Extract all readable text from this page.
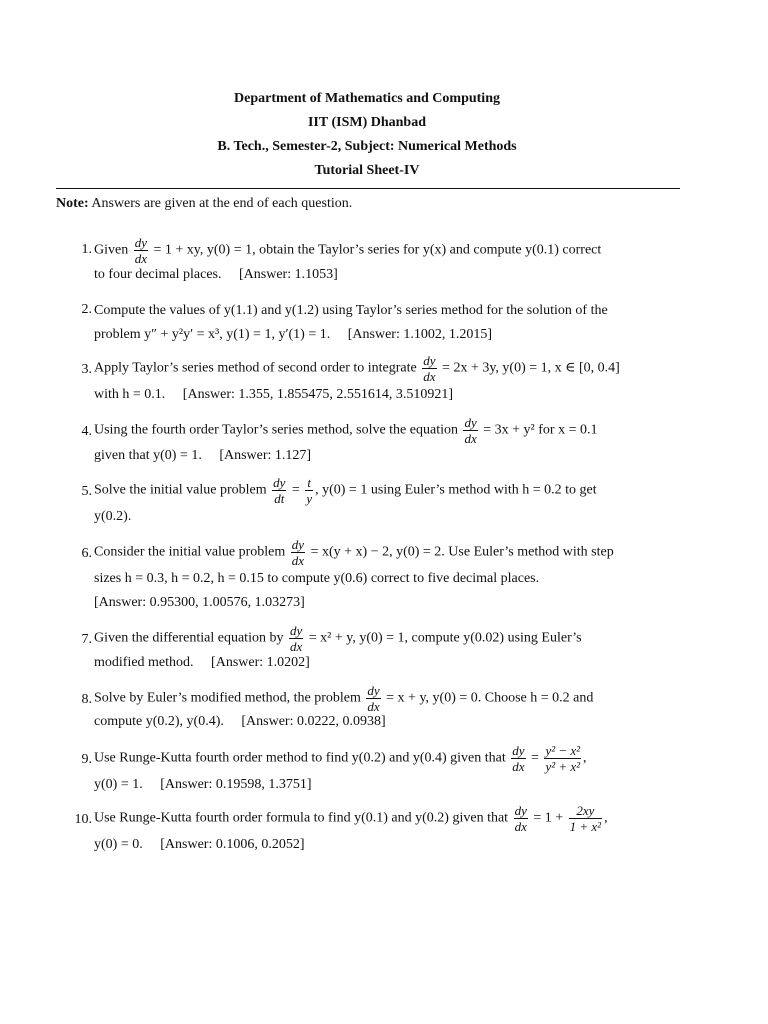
Department of Mathematics and Computing
IIT (ISM) Dhanbad
B. Tech., Semester-2, Subject: Numerical Methods
Tutorial Sheet-IV
Note: Answers are given at the end of each question.
1. Given $\frac{dy}{dx} = 1$ + xy, y(0) = 1, obtain the Taylor’s series for y(x) and compute y(0.1) correct
to four decimal places. [Answer: 1.1053]
2. Compute the values of y(1.1) and y(1.2) using Taylor’s series method for the solution of the
problem y″ + y²y′ = x³, y(1) = 1, y′(1) = 1. [Answer: 1.1002, 1.2015]
3. Apply Taylor’s series method of second order to integrate $\frac{dy}{dx} = 2x + 3y$, y(0) = 1, x ∈ [0, 0.4]
with h = 0.1. [Answer: 1.355, 1.855475, 2.551614, 3.510921]
4. Using the fourth order Taylor’s series method, solve the equation $\frac{dy}{dx} = 3x + y^2$ for x = 0.1
given that y(0) = 1. [Answer: 1.127]
5. Solve the initial value problem $\frac{dy}{dt} = \frac{t}{y}$ , y(0) = 1 using Euler’s method with h = 0.2 to get
y(0.2).
6. Consider the initial value problem $\frac{dy}{dx} = x(y + x) - 2$, y(0) = 2. Use Euler’s method with step
sizes h = 0.3, h = 0.2, h = 0.15 to compute y(0.6) correct to five decimal places.
[Answer: 0.95300, 1.00576, 1.03273]
7. Given the differential equation by $\frac{dy}{dx} = x^2 + y$, y(0) = 1, compute y(0.02) using Euler’s
modified method. [Answer: 1.0202]
8. Solve by Euler’s modified method, the problem $\frac{dy}{dx} = x + y$, y(0) = 0. Choose h = 0.2 and
compute y(0.2), y(0.4). [Answer: 0.0222, 0.0938]
9. Use Runge-Kutta fourth order method to find y(0.2) and y(0.4) given that $\frac{dy}{dx} = \frac{\text{y² − x²}}{\text{y² + x²}}$ ,
y(0) = 1. [Answer: 0.19598, 1.3751]
10. Use Runge-Kutta fourth order formula to find y(0.1) and y(0.2) given that $\frac{dy}{dx} = 1 + \frac{2xy}{\text{1 + x²}}$ ,
y(0) = 0. [Answer: 0.1006, 0.2052]
